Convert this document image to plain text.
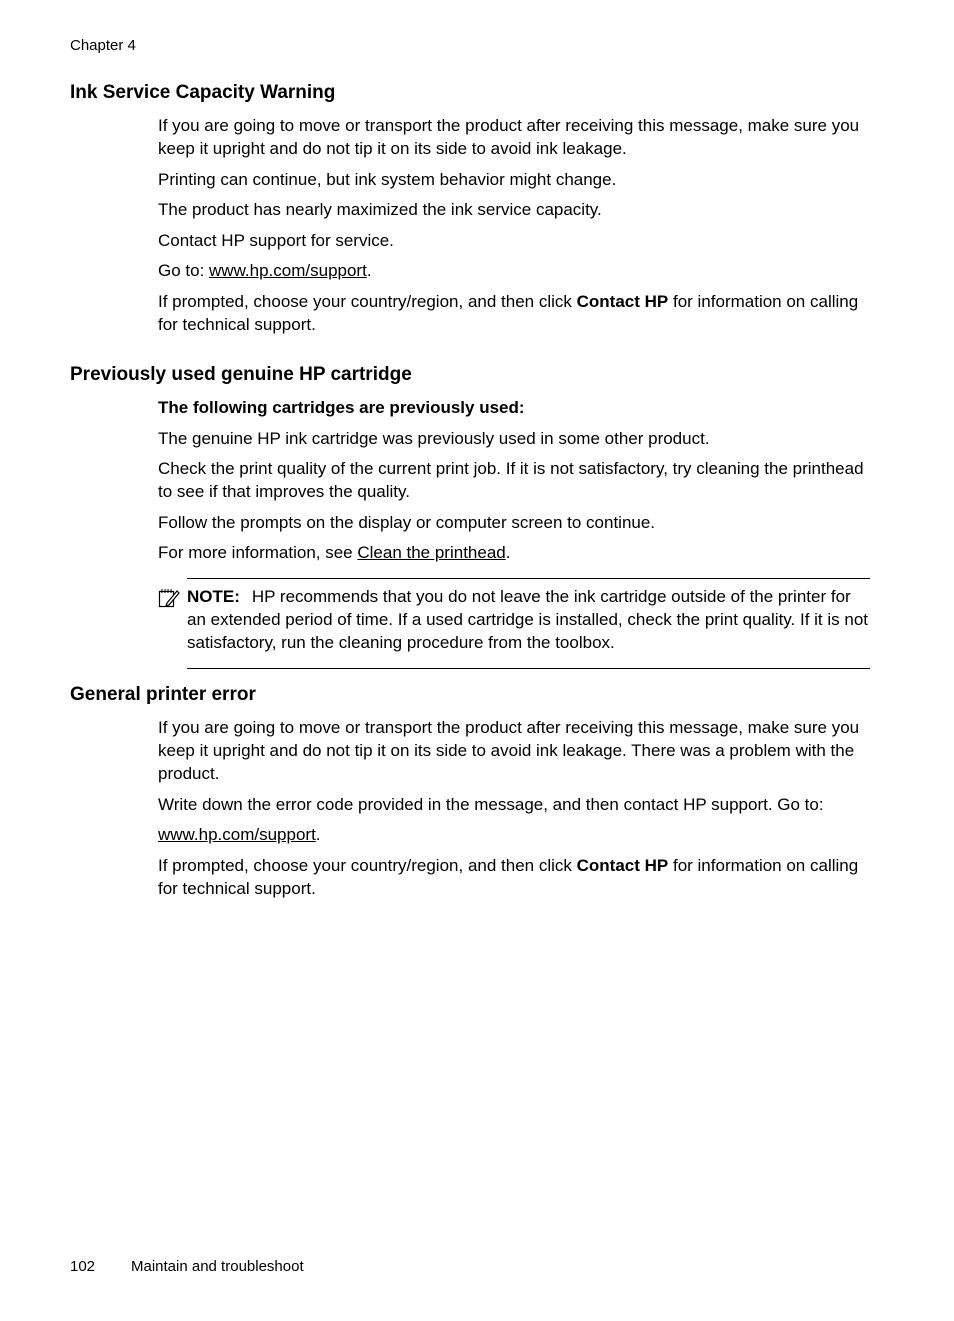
Chapter 4
Ink Service Capacity Warning

If you are going to move or transport the product after receiving this message, make sure you keep it upright and do not tip it on its side to avoid ink leakage.

Printing can continue, but ink system behavior might change.

The product has nearly maximized the ink service capacity.

Contact HP support for service.

Go to: www.hp.com/support.

If prompted, choose your country/region, and then click Contact HP for information on calling for technical support.

Previously used genuine HP cartridge

The following cartridges are previously used:

The genuine HP ink cartridge was previously used in some other product.

Check the print quality of the current print job. If it is not satisfactory, try cleaning the printhead to see if that improves the quality.

Follow the prompts on the display or computer screen to continue.

For more information, see Clean the printhead.

NOTE: HP recommends that you do not leave the ink cartridge outside of the printer for an extended period of time. If a used cartridge is installed, check the print quality. If it is not satisfactory, run the cleaning procedure from the toolbox.

General printer error

If you are going to move or transport the product after receiving this message, make sure you keep it upright and do not tip it on its side to avoid ink leakage. There was a problem with the product.

Write down the error code provided in the message, and then contact HP support. Go to:

www.hp.com/support.

If prompted, choose your country/region, and then click Contact HP for information on calling for technical support.

102 Maintain and troubleshoot
